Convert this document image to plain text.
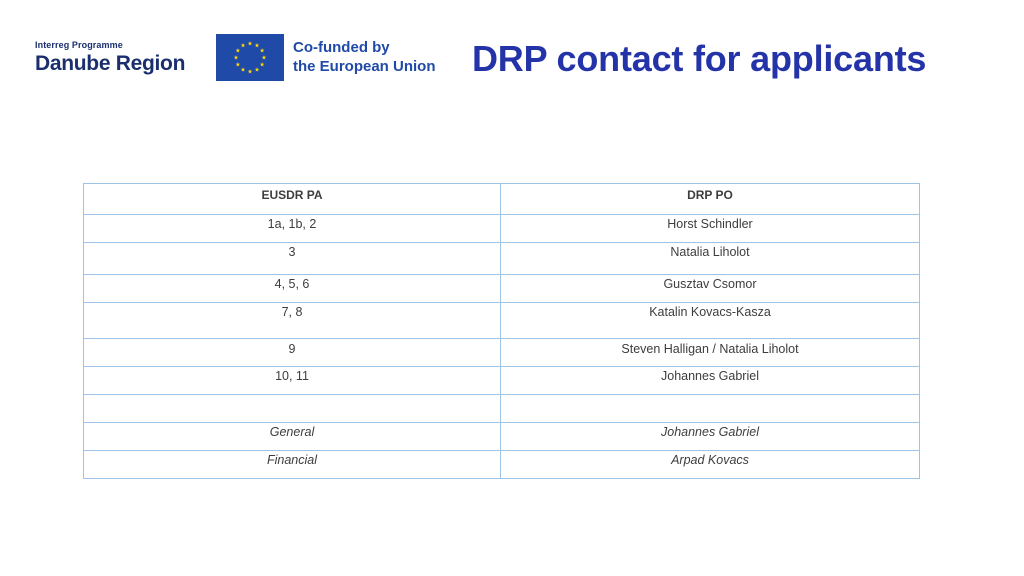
Interreg Programme
Danube Region
Co-funded by
the European Union DRP contact for applicants
EUSDR PA	DRP PO
1a, 1b, 2	Horst Schindler
3	Natalia Liholot
4, 5, 6	Gusztav Csomor
7, 8	Katalin Kovacs-Kasza
9	Steven Halligan / Natalia Liholot
10, 11	Johannes Gabriel

General	Johannes Gabriel
Financial	Arpad Kovacs
